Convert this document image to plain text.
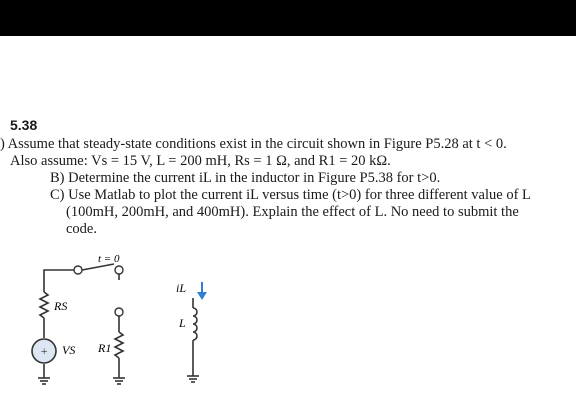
5.38
) Assume that steady-state conditions exist in the circuit shown in Figure P5.28 at t < 0.
Also assume: Vs = 15 V, L = 200 mH, Rs = 1 Ω, and R1 = 20 kΩ.
B) Determine the current iL in the inductor in Figure P5.38 for t>0.
C) Use Matlab to plot the current iL versus time (t>0) for three different value of L
(100mH, 200mH, and 400mH). Explain the effect of L. No need to submit the
code.
+
t = 0
RS
VS R1
iL
L
